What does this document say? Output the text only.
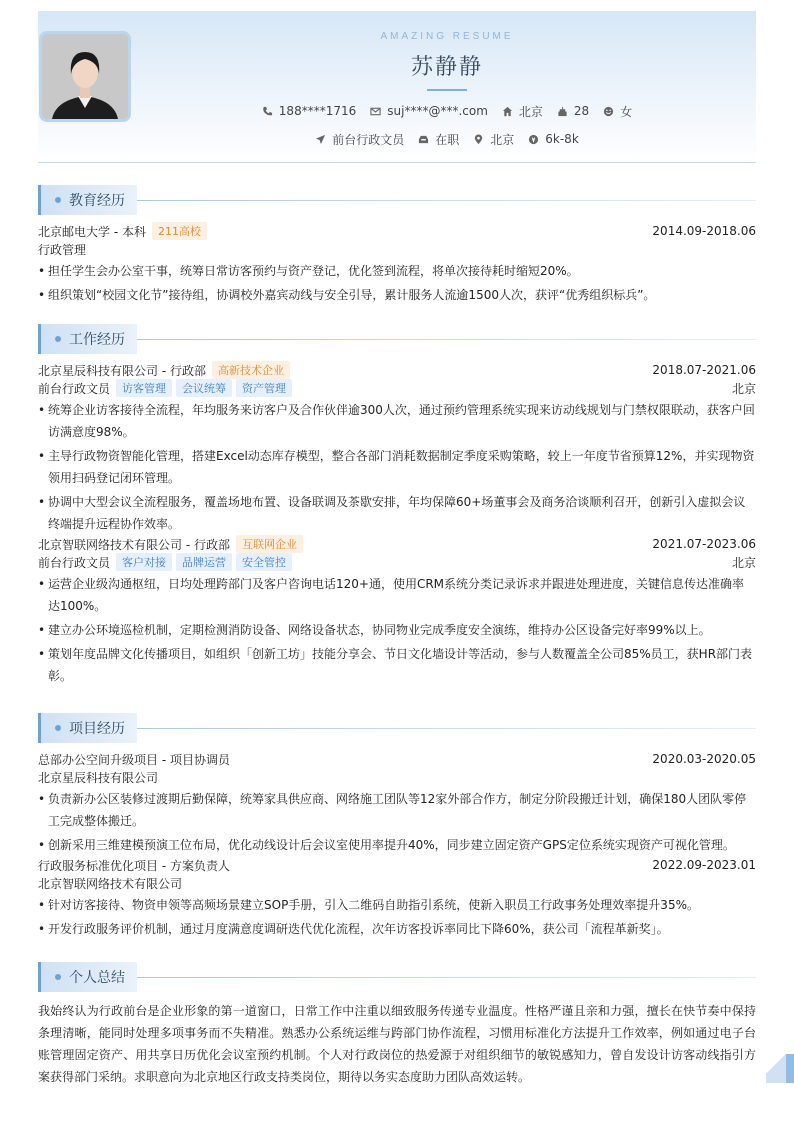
AMAZING RESUME
苏静静
188****1716	suj****@***.com	北京	28	女
前台行政文员	在职	北京	6k-8k
教育经历
北京邮电大学 - 本科	211高校	2014.09-2018.06
行政管理
• 担任学生会办公室干事，统筹日常访客预约与资产登记，优化签到流程，将单次接待耗时缩短20%。
• 组织策划“校园文化节”接待组，协调校外嘉宾动线与安全引导，累计服务人流逾1500人次，获评“优秀组织标兵”。
工作经历
北京星辰科技有限公司 - 行政部	高新技术企业	2018.07-2021.06
前台行政文员	访客管理	会议统筹	资产管理	北京
• 统筹企业访客接待全流程，年均服务来访客户及合作伙伴逾300人次，通过预约管理系统实现来访动线规划与门禁权限联动，获客户回访满意度98%。
• 主导行政物资智能化管理，搭建Excel动态库存模型，整合各部门消耗数据制定季度采购策略，较上一年度节省预算12%，并实现物资领用扫码登记闭环管理。
• 协调中大型会议全流程服务，覆盖场地布置、设备联调及茶歇安排，年均保障60+场董事会及商务洽谈顺利召开，创新引入虚拟会议终端提升远程协作效率。
北京智联网络技术有限公司 - 行政部	互联网企业	2021.07-2023.06
前台行政文员	客户对接	品牌运营	安全管控	北京
• 运营企业级沟通枢纽，日均处理跨部门及客户咨询电话120+通，使用CRM系统分类记录诉求并跟进处理进度，关键信息传达准确率达100%。
• 建立办公环境巡检机制，定期检测消防设备、网络设备状态，协同物业完成季度安全演练，维持办公区设备完好率99%以上。
• 策划年度品牌文化传播项目，如组织「创新工坊」技能分享会、节日文化墙设计等活动，参与人数覆盖全公司85%员工，获HR部门表彰。
项目经历
总部办公空间升级项目 - 项目协调员	2020.03-2020.05
北京星辰科技有限公司
• 负责新办公区装修过渡期后勤保障，统筹家具供应商、网络施工团队等12家外部合作方，制定分阶段搬迁计划，确保180人团队零停工完成整体搬迁。
• 创新采用三维建模预演工位布局，优化动线设计后会议室使用率提升40%，同步建立固定资产GPS定位系统实现资产可视化管理。
行政服务标准优化项目 - 方案负责人	2022.09-2023.01
北京智联网络技术有限公司
• 针对访客接待、物资申领等高频场景建立SOP手册，引入二维码自助指引系统，使新入职员工行政事务处理效率提升35%。
• 开发行政服务评价机制，通过月度满意度调研迭代优化流程，次年访客投诉率同比下降60%，获公司「流程革新奖」。
个人总结

我始终认为行政前台是企业形象的第一道窗口，日常工作中注重以细致服务传递专业温度。性格严谨且亲和力强，擅长在快节奏中保持条理清晰，能同时处理多项事务而不失精准。熟悉办公系统运维与跨部门协作流程，习惯用标准化方法提升工作效率，例如通过电子台账管理固定资产、用共享日历优化会议室预约机制。个人对行政岗位的热爱源于对组织细节的敏锐感知力，曾自发设计访客动线指引方案获得部门采纳。求职意向为北京地区行政支持类岗位，期待以务实态度助力团队高效运转。
